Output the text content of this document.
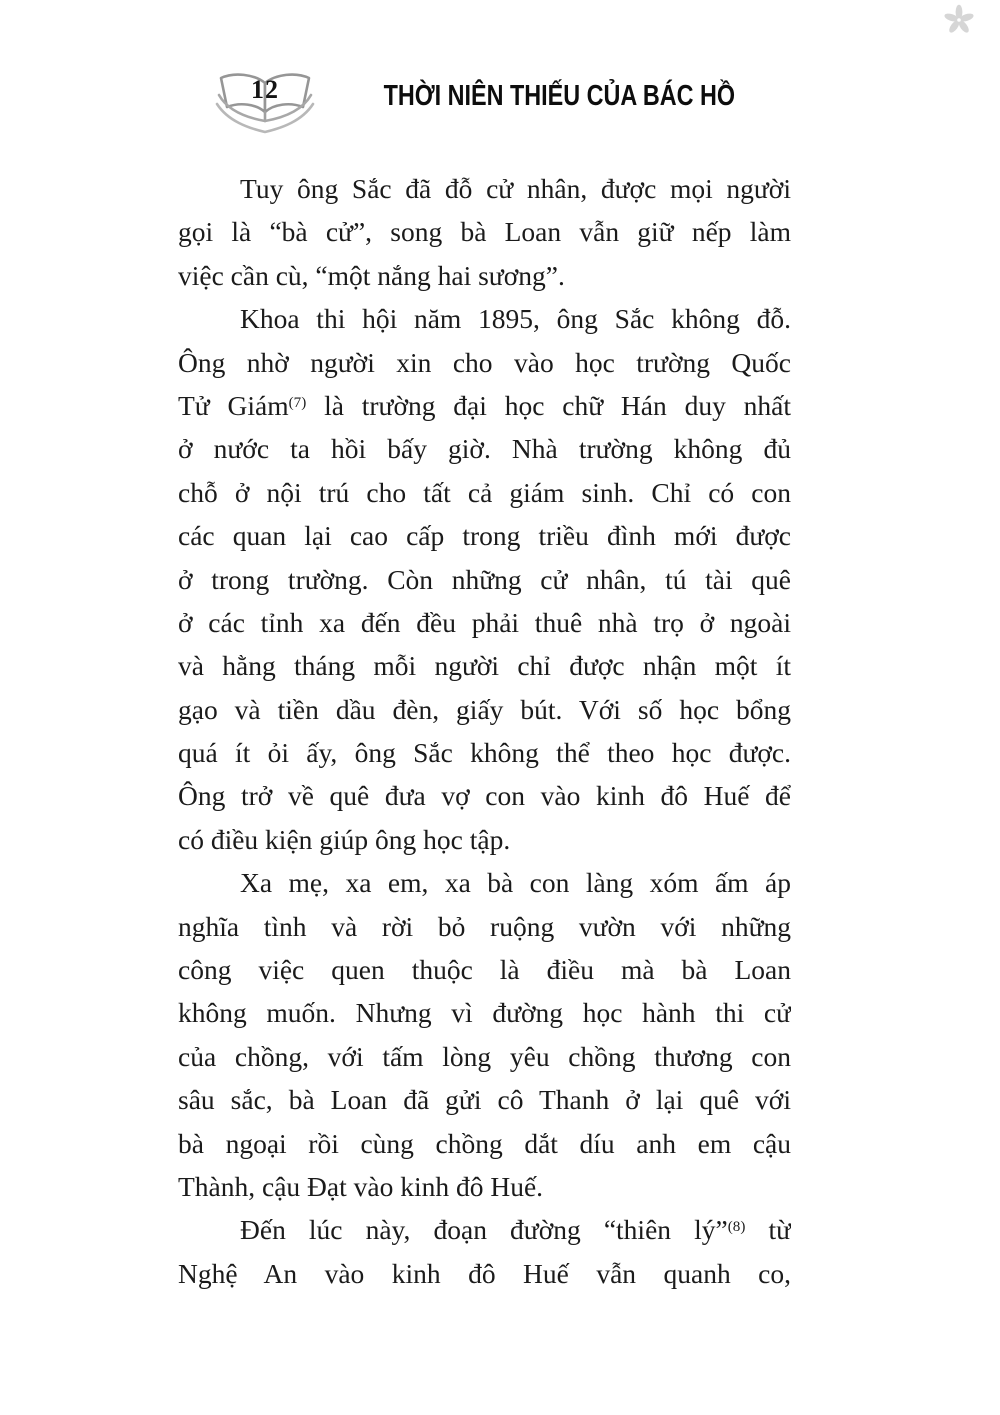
12	THỜI NIÊN THIẾU CỦA BÁC HỒ
Tuy ông Sắc đã đỗ cử nhân, được mọi người
gọi là “bà cử”, song bà Loan vẫn giữ nếp làm
việc cần cù, “một nắng hai sương”.
Khoa thi hội năm 1895, ông Sắc không đỗ.
Ông nhờ người xin cho vào học trường Quốc
Tử Giám$^{(7)}$ là trường đại học chữ Hán duy nhất
ở nước ta hồi bấy giờ. Nhà trường không đủ
chỗ ở nội trú cho tất cả giám sinh. Chỉ có con
các quan lại cao cấp trong triều đình mới được
ở trong trường. Còn những cử nhân, tú tài quê
ở các tỉnh xa đến đều phải thuê nhà trọ ở ngoài
và hằng tháng mỗi người chỉ được nhận một ít
gạo và tiền dầu đèn, giấy bút. Với số học bổng
quá ít ỏi ấy, ông Sắc không thể theo học được.
Ông trở về quê đưa vợ con vào kinh đô Huế để
có điều kiện giúp ông học tập.
Xa mẹ, xa em, xa bà con làng xóm ấm áp
nghĩa tình và rời bỏ ruộng vườn với những
công việc quen thuộc là điều mà bà Loan
không muốn. Nhưng vì đường học hành thi cử
của chồng, với tấm lòng yêu chồng thương con
sâu sắc, bà Loan đã gửi cô Thanh ở lại quê với
bà ngoại rồi cùng chồng dắt díu anh em cậu
Thành, cậu Đạt vào kinh đô Huế.
Đến lúc này, đoạn đường “thiên lý”$^{(8)}$ từ
Nghệ An vào kinh đô Huế vẫn quanh co,
